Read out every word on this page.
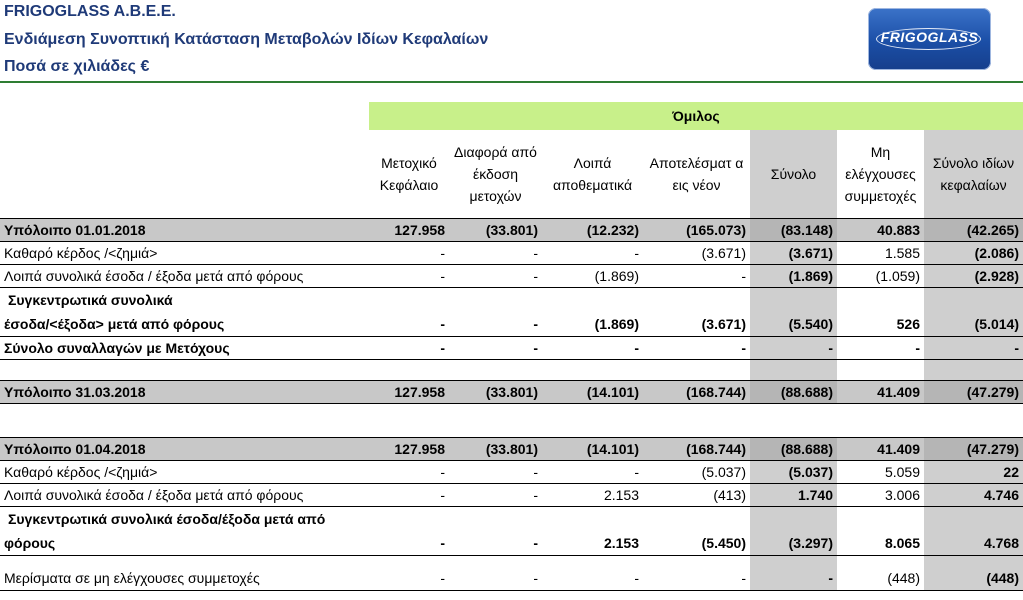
FRIGOGLASS A.B.E.E.
Ενδιάμεση Συνοπτική Κατάσταση Μεταβολών Ιδίων Κεφαλαίων
Ποσά σε χιλιάδες €
FRIGOGLASS
	Όμιλος						
	Μετοχικό Κεφάλαιο	Διαφορά από έκδοση μετοχών	Λοιπά αποθεματικά	Αποτελέσματ α εις νέον	Σύνολο	Μη ελέγχουσες συμμετοχές	Σύνολο ιδίων κεφαλαίων
Υπόλοιπο 01.01.2018	127.958	(33.801)	(12.232)	(165.073)	(83.148)	40.883	(42.265)
Καθαρό κέρδος /<ζημιά>	-	-	-	(3.671)	(3.671)	1.585	(2.086)
Λοιπά συνολικά έσοδα / έξοδα μετά από φόρους	-	-	(1.869)	-	(1.869)	(1.059)	(2.928)

Συγκεντρωτικά συνολικά
έσοδα/<έξοδα> μετά από φόρους	-	-	(1.869)	(3.671)	(5.540)	526	(5.014)
Σύνολο συναλλαγών με Μετόχους	-	-	-	-	-	-	-

Υπόλοιπο 31.03.2018	127.958	(33.801)	(14.101)	(168.744)	(88.688)	41.409	(47.279)

Υπόλοιπο 01.04.2018	127.958	(33.801)	(14.101)	(168.744)	(88.688)	41.409	(47.279)
Καθαρό κέρδος /<ζημιά>	-	-	-	(5.037)	(5.037)	5.059	22
Λοιπά συνολικά έσοδα / έξοδα μετά από φόρους	-	-	2.153	(413)	1.740	3.006	4.746

Συγκεντρωτικά συνολικά έσοδα/έξοδα μετά από
φόρους	-	-	2.153	(5.450)	(3.297)	8.065	4.768
Μερίσματα σε μη ελέγχουσες συμμετοχές	-	-	-	-	-	(448)	(448)
